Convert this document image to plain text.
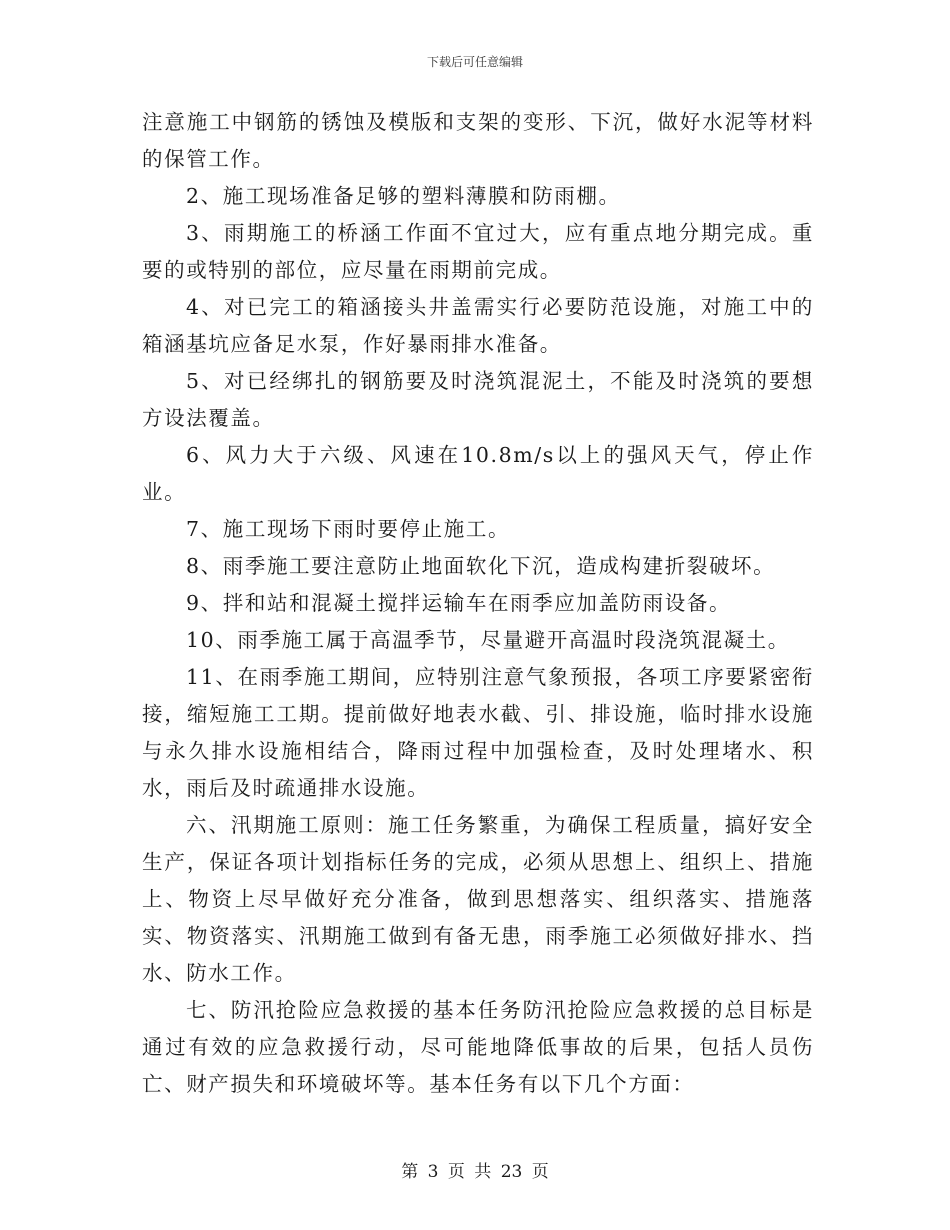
下载后可任意编辑

注意施工中钢筋的锈蚀及模版和支架的变形、下沉，做好水泥等材料的保管工作。

2、施工现场准备足够的塑料薄膜和防雨棚。

3、雨期施工的桥涵工作面不宜过大，应有重点地分期完成。重要的或特别的部位，应尽量在雨期前完成。

4、对已完工的箱涵接头井盖需实行必要防范设施，对施工中的箱涵基坑应备足水泵，作好暴雨排水准备。

5、对已经绑扎的钢筋要及时浇筑混泥土，不能及时浇筑的要想方设法覆盖。

6、风力大于六级、风速在10.8m/s以上的强风天气，停止作业。

7、施工现场下雨时要停止施工。

8、雨季施工要注意防止地面软化下沉，造成构建折裂破坏。

9、拌和站和混凝土搅拌运输车在雨季应加盖防雨设备。

10、雨季施工属于高温季节，尽量避开高温时段浇筑混凝土。

11、在雨季施工期间，应特别注意气象预报，各项工序要紧密衔接，缩短施工工期。提前做好地表水截、引、排设施，临时排水设施与永久排水设施相结合，降雨过程中加强检查，及时处理堵水、积水，雨后及时疏通排水设施。

六、汛期施工原则：施工任务繁重，为确保工程质量，搞好安全生产，保证各项计划指标任务的完成，必须从思想上、组织上、措施上、物资上尽早做好充分准备，做到思想落实、组织落实、措施落实、物资落实、汛期施工做到有备无患，雨季施工必须做好排水、挡水、防水工作。

七、防汛抢险应急救援的基本任务防汛抢险应急救援的总目标是通过有效的应急救援行动，尽可能地降低事故的后果，包括人员伤亡、财产损失和环境破坏等。基本任务有以下几个方面：

第 3 页 共 23 页
